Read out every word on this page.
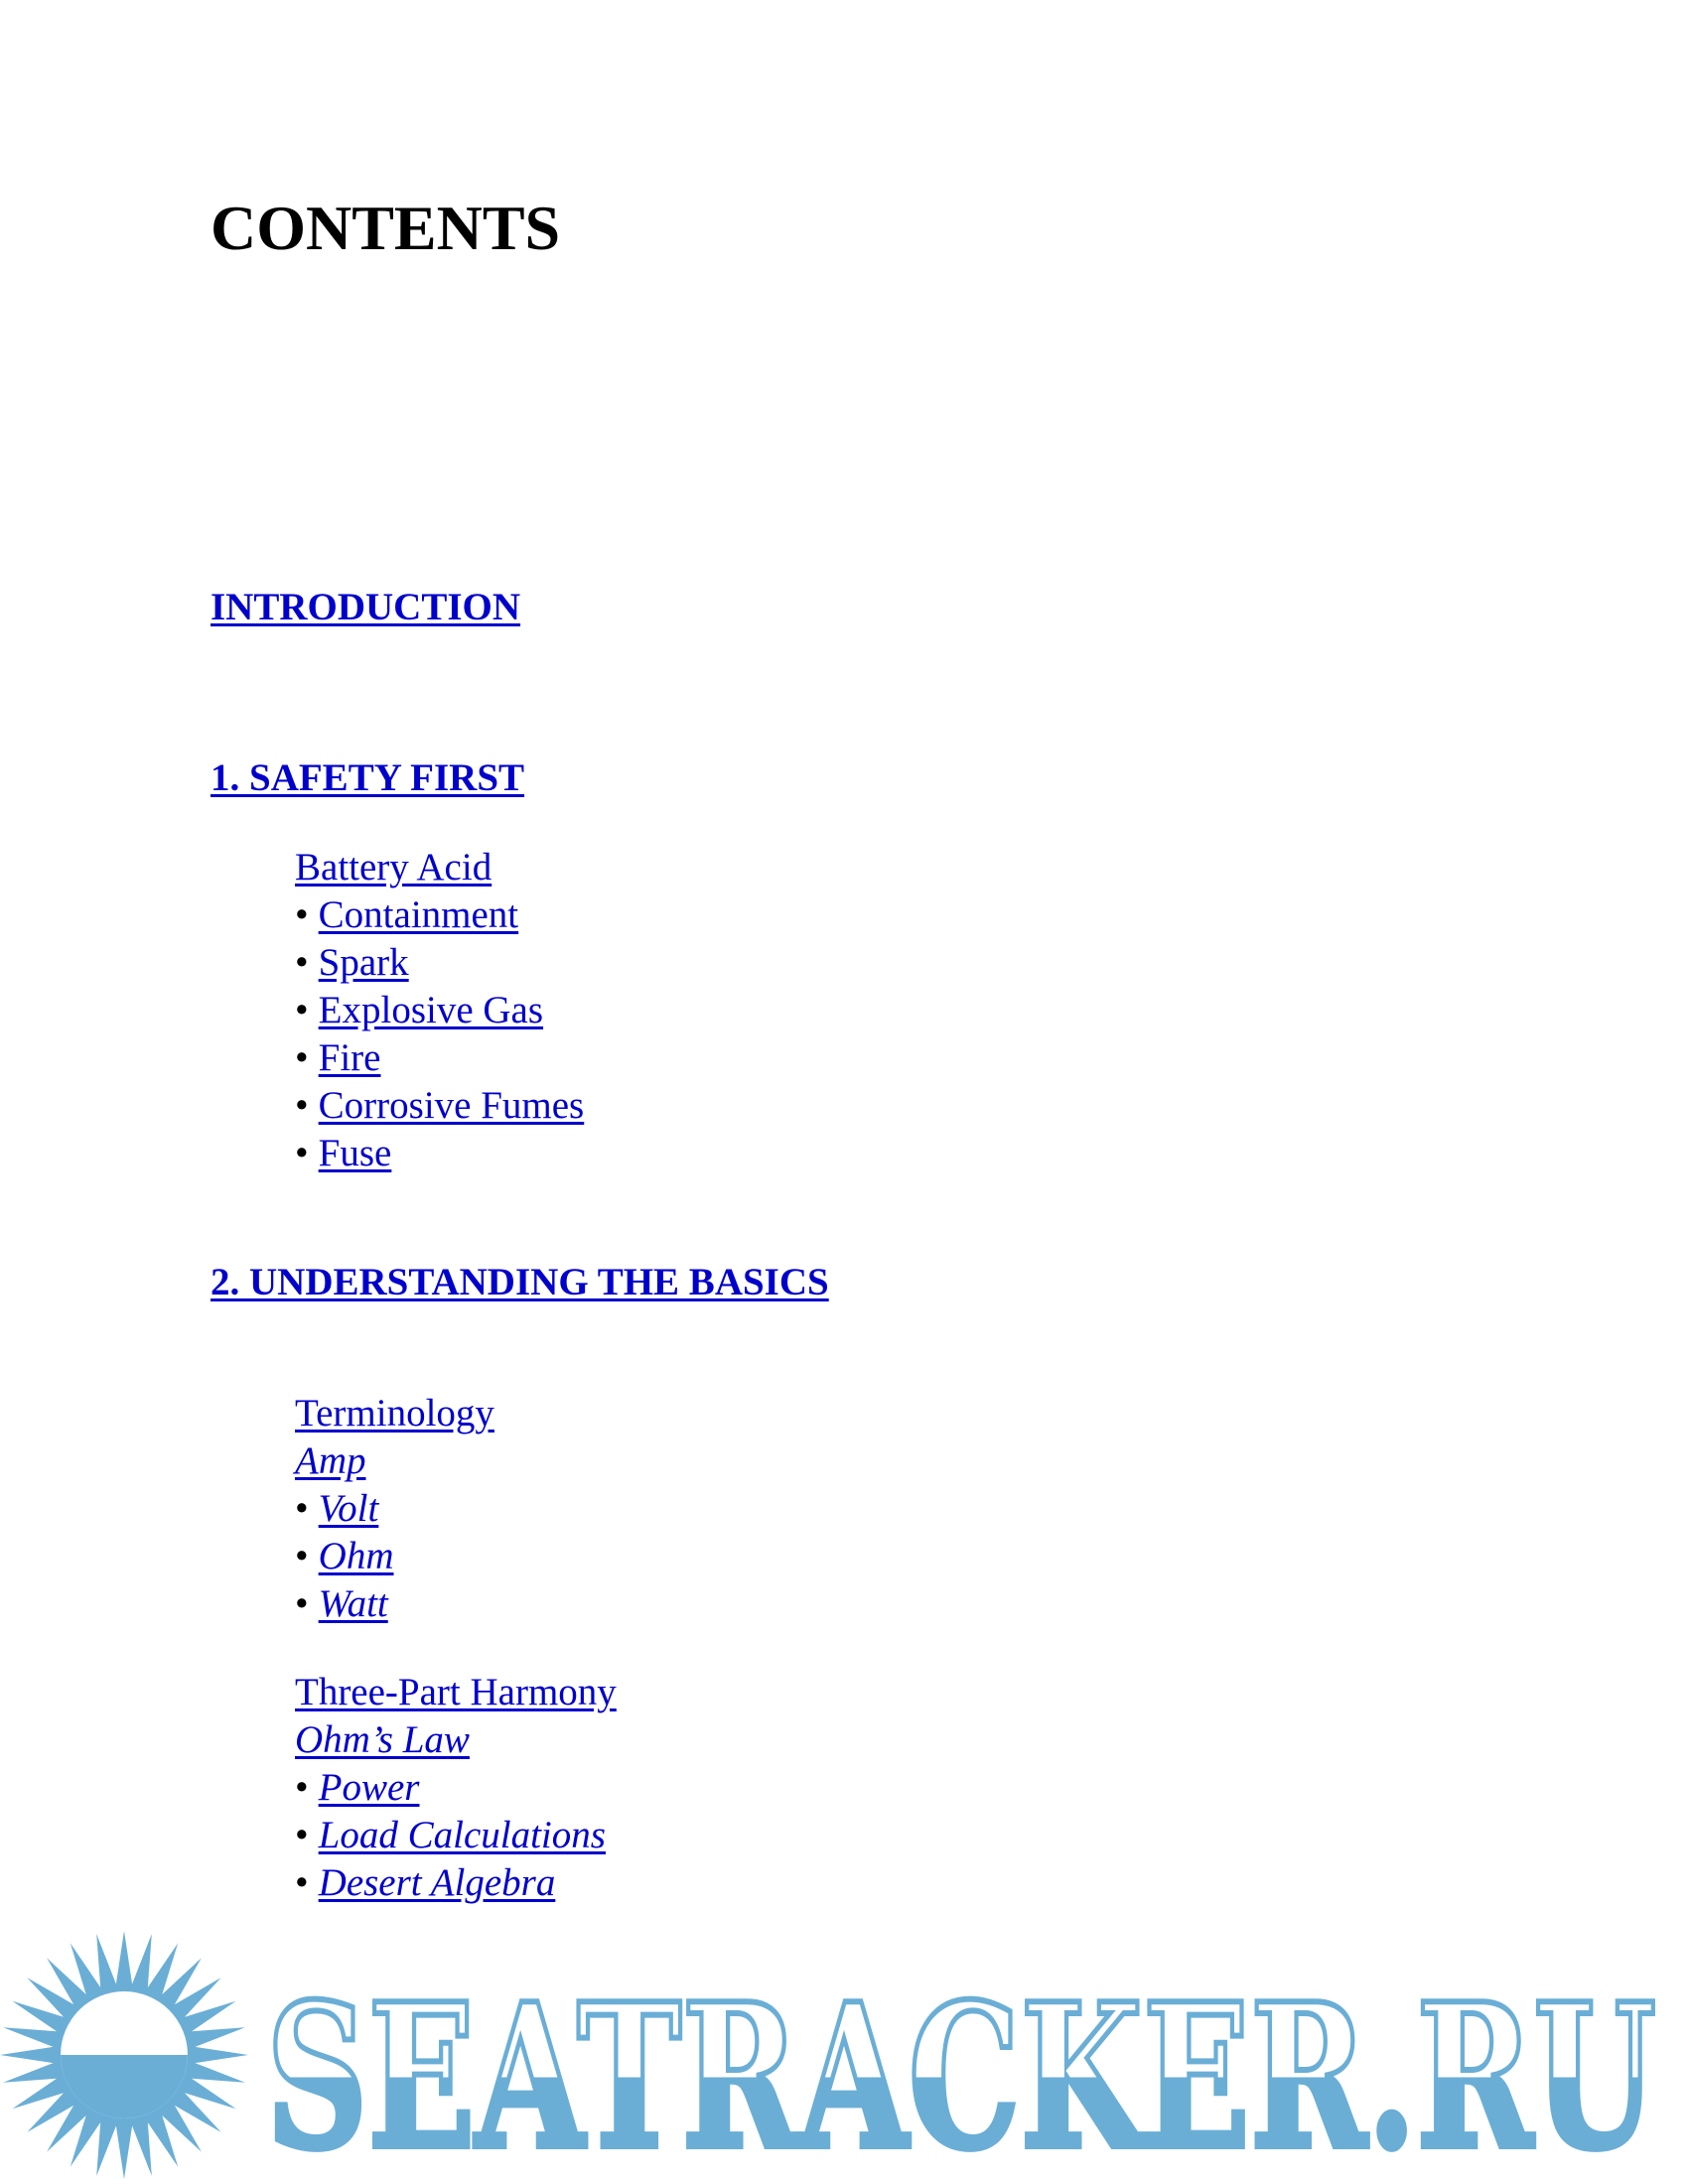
CONTENTS
INTRODUCTION
1. SAFETY FIRST
Battery Acid
• Containment
• Spark
• Explosive Gas
• Fire
• Corrosive Fumes
• Fuse
2. UNDERSTANDING THE BASICS
Terminology
Amp
• Volt
• Ohm
• Watt
Three-Part Harmony
Ohm’s Law
• Power
• Load Calculations
• Desert Algebra
SEATRACKER.RU
